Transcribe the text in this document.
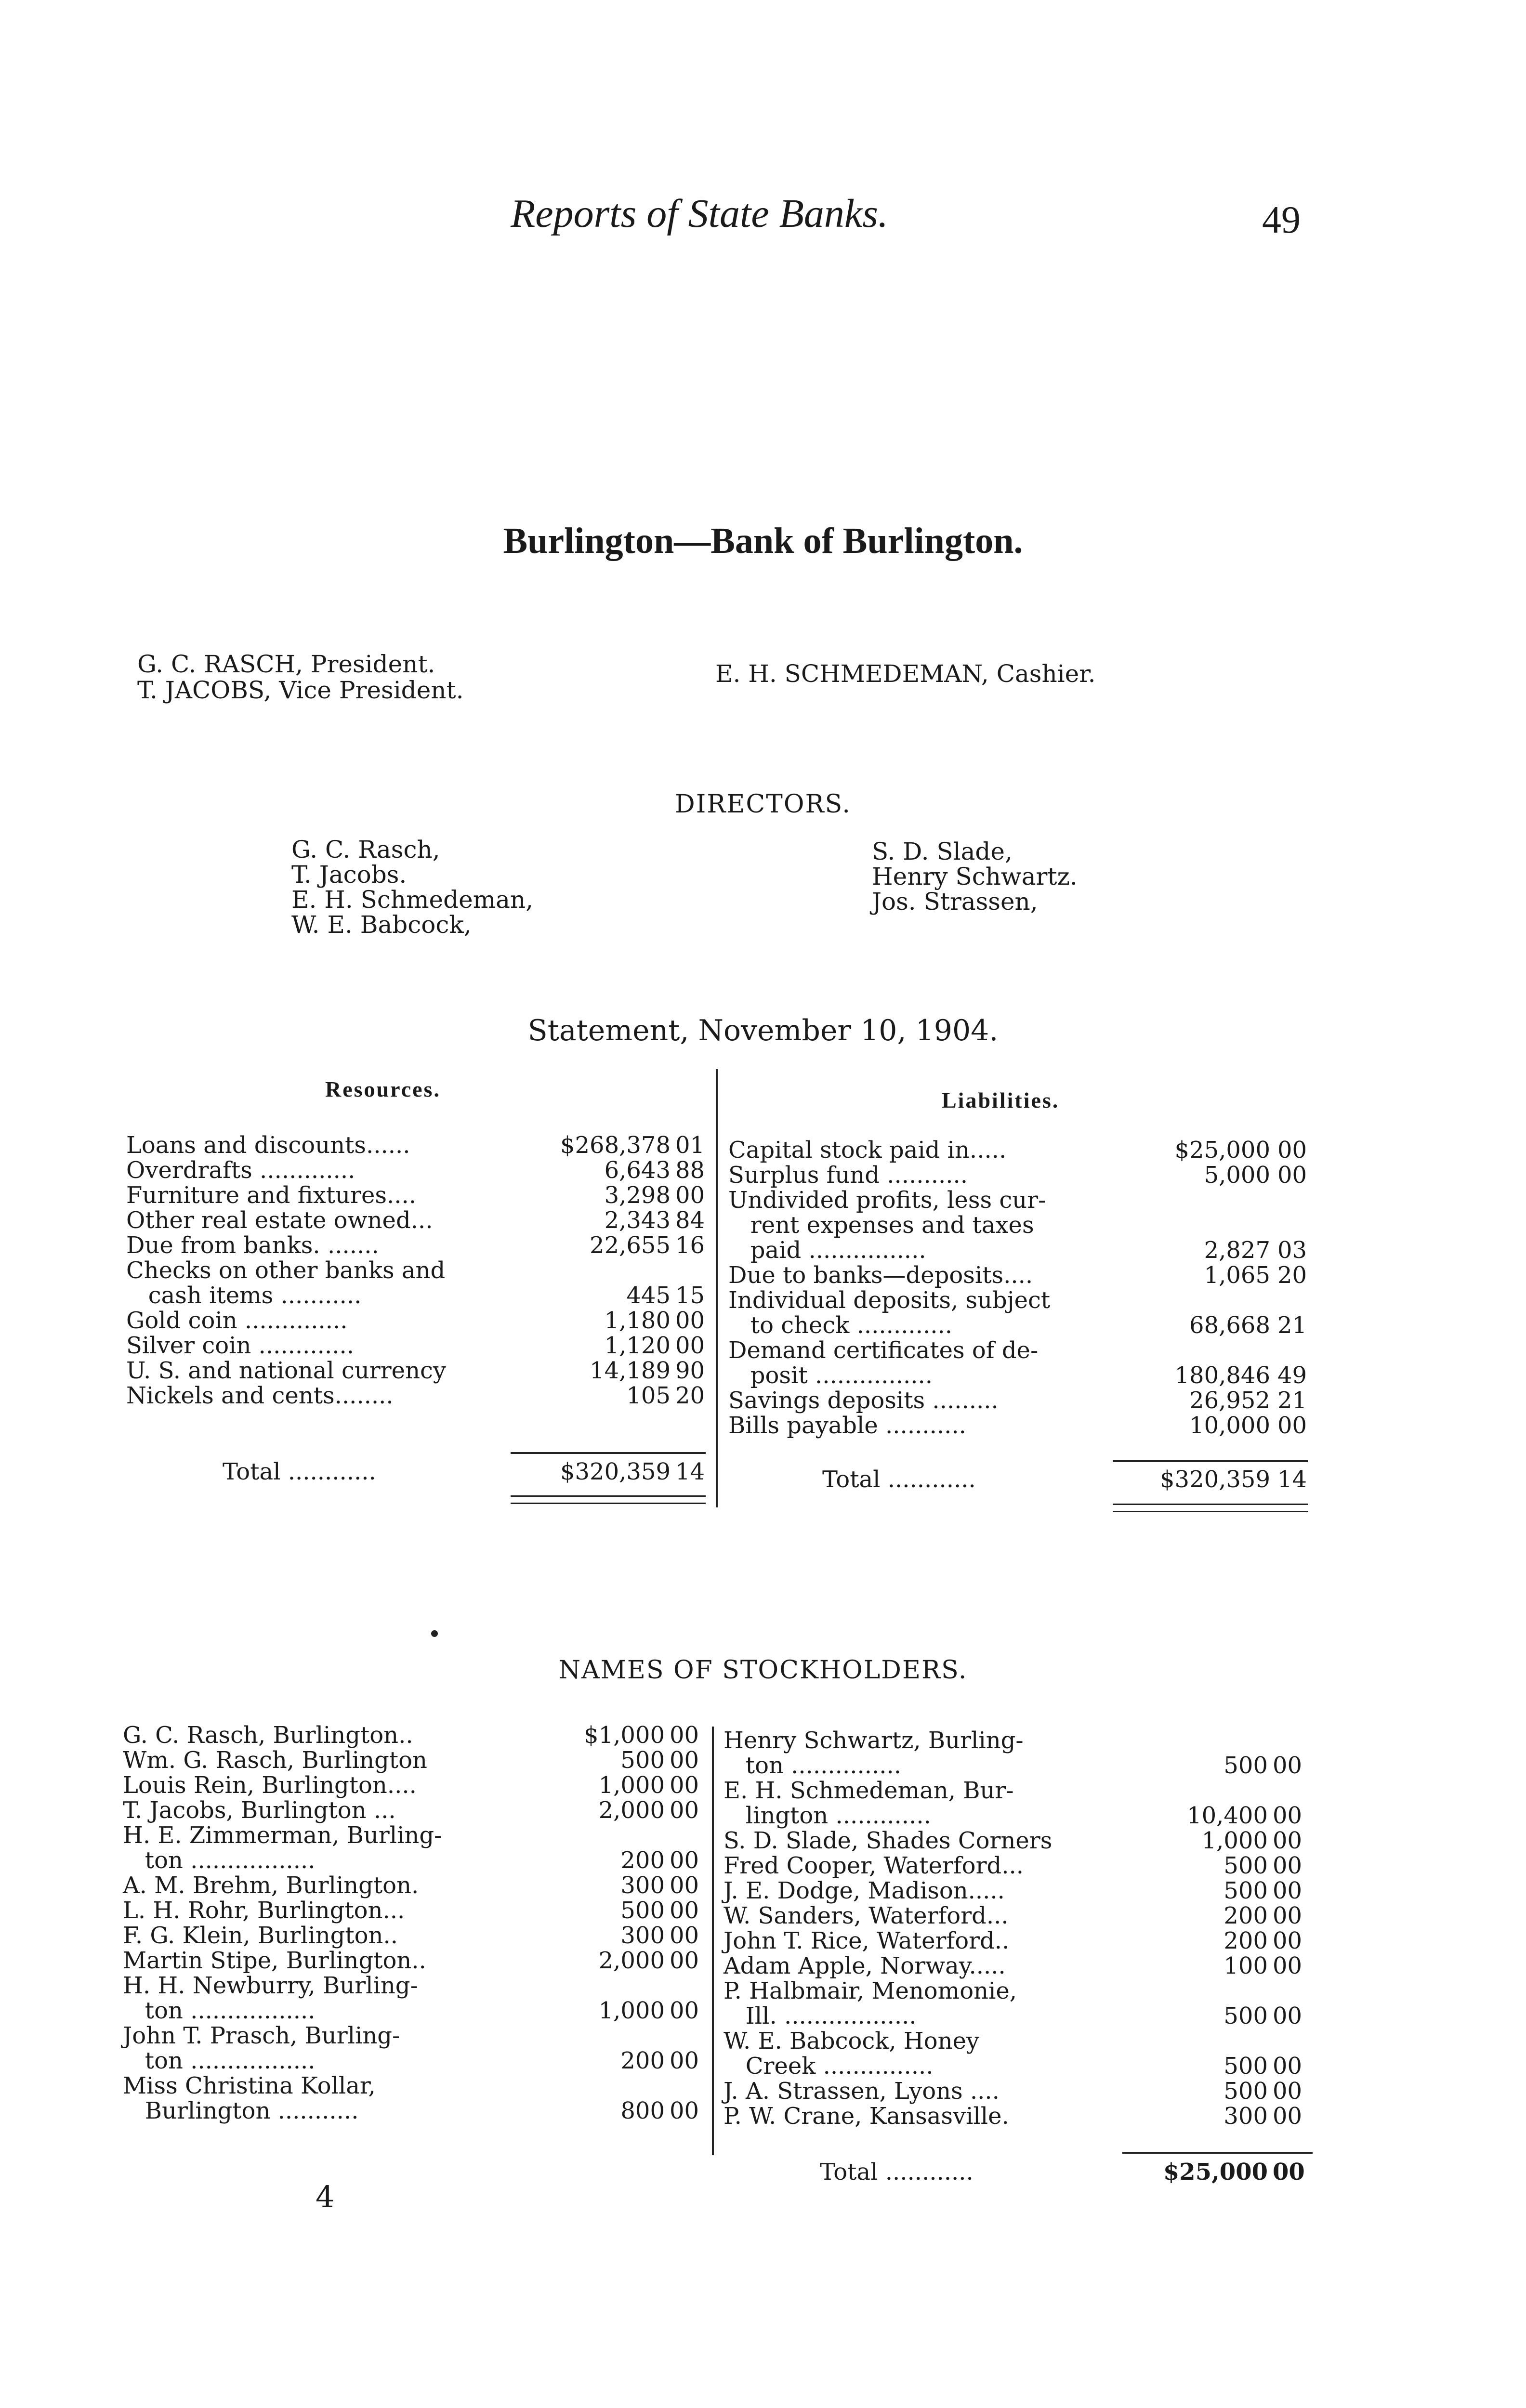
Reports of State Banks.	49
Burlington—Bank of Burlington.
G. C. RASCH, President.
T. JACOBS, Vice President.
E. H. SCHMEDEMAN, Cashier.
DIRECTORS.
G. C. Rasch,
T. Jacobs.
E. H. Schmedeman,
W. E. Babcock,
S. D. Slade,
Henry Schwartz.
Jos. Strassen,
Statement, November 10, 1904.
Resources.	Liabilities.
Loans and discounts......	$268,378 01
Overdrafts .............	6,643 88
Furniture and fixtures....	3,298 00
Other real estate owned...	2,343 84
Due from banks. .......	22,655 16
Checks on other banks and
cash items ...........	445 15
Gold coin ..............	1,180 00
Silver coin .............	1,120 00
U. S. and national currency	14,189 90
Nickels and cents........	105 20
Total ............	$320,359 14
Capital stock paid in.....	$25,000 00
Surplus fund ...........	5,000 00
Undivided profits, less cur-
rent expenses and taxes
paid ................	2,827 03
Due to banks—deposits....	1,065 20
Individual deposits, subject
to check .............	68,668 21
Demand certificates of de-
posit ................	180,846 49
Savings deposits .........	26,952 21
Bills payable ...........	10,000 00
Total ............	$320,359 14
NAMES OF STOCKHOLDERS.
G. C. Rasch, Burlington..	$1,000 00
Wm. G. Rasch, Burlington	500 00
Louis Rein, Burlington....	1,000 00
T. Jacobs, Burlington ...	2,000 00
H. E. Zimmerman, Burling-
ton .................	200 00
A. M. Brehm, Burlington.	300 00
L. H. Rohr, Burlington...	500 00
F. G. Klein, Burlington..	300 00
Martin Stipe, Burlington..	2,000 00
H. H. Newburry, Burling-
ton .................	1,000 00
John T. Prasch, Burling-
ton .................	200 00
Miss Christina Kollar,
Burlington ...........	800 00
Henry Schwartz, Burling-
ton ...............	500 00
E. H. Schmedeman, Bur-
lington .............	10,400 00
S. D. Slade, Shades Corners	1,000 00
Fred Cooper, Waterford...	500 00
J. E. Dodge, Madison.....	500 00
W. Sanders, Waterford...	200 00
John T. Rice, Waterford..	200 00
Adam Apple, Norway.....	100 00
P. Halbmair, Menomonie,
Ill. ..................	500 00
W. E. Babcock, Honey
Creek ...............	500 00
J. A. Strassen, Lyons ....	500 00
P. W. Crane, Kansasville.	300 00
Total ............	$25,000 00
4
